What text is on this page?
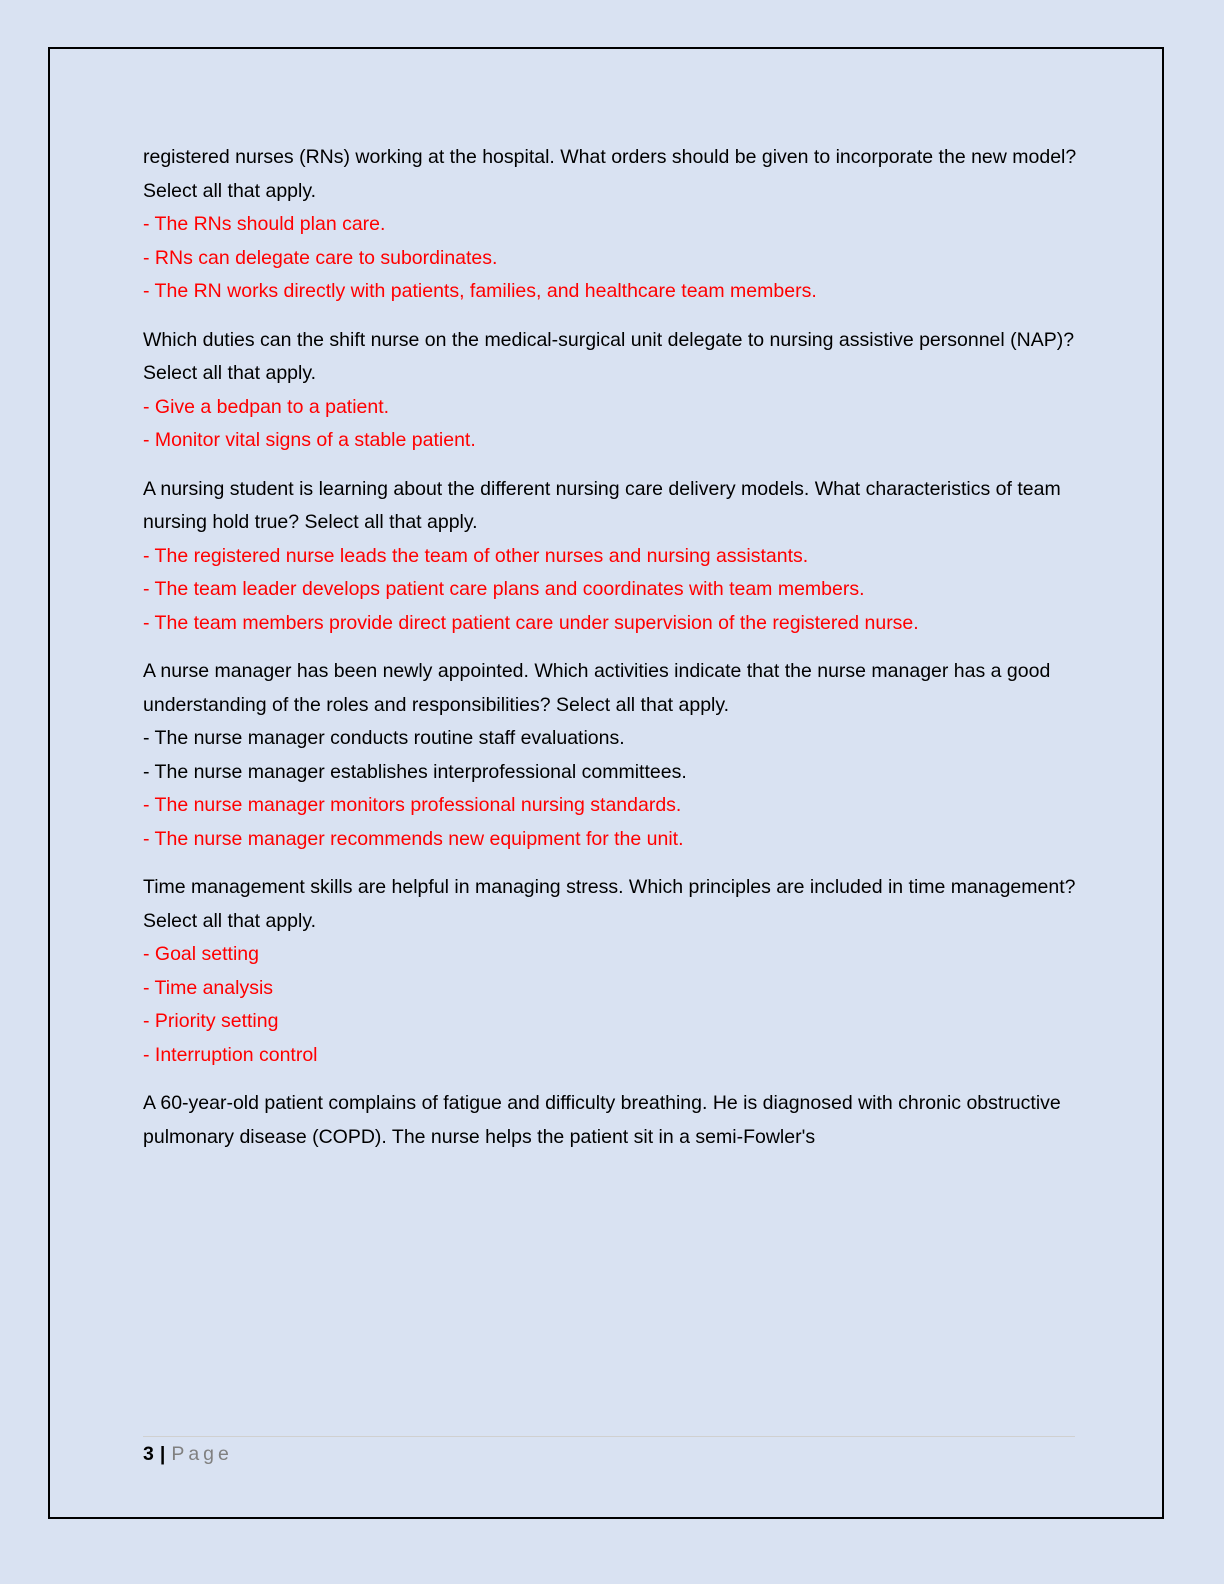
registered nurses (RNs) working at the hospital. What orders should be given to incorporate the new model? Select all that apply.

- The RNs should plan care.

- RNs can delegate care to subordinates.

- The RN works directly with patients, families, and healthcare team members.

Which duties can the shift nurse on the medical-surgical unit delegate to nursing assistive personnel (NAP)? Select all that apply.

- Give a bedpan to a patient.

- Monitor vital signs of a stable patient.

A nursing student is learning about the different nursing care delivery models. What characteristics of team nursing hold true? Select all that apply.

- The registered nurse leads the team of other nurses and nursing assistants.

- The team leader develops patient care plans and coordinates with team members.

- The team members provide direct patient care under supervision of the registered nurse.

A nurse manager has been newly appointed. Which activities indicate that the nurse manager has a good understanding of the roles and responsibilities? Select all that apply.

- The nurse manager conducts routine staff evaluations.

- The nurse manager establishes interprofessional committees.

- The nurse manager monitors professional nursing standards.

- The nurse manager recommends new equipment for the unit.

Time management skills are helpful in managing stress. Which principles are included in time management? Select all that apply.

- Goal setting

- Time analysis

- Priority setting

- Interruption control

A 60-year-old patient complains of fatigue and difficulty breathing. He is diagnosed with chronic obstructive pulmonary disease (COPD). The nurse helps the patient sit in a semi-Fowler's

3 | Page
